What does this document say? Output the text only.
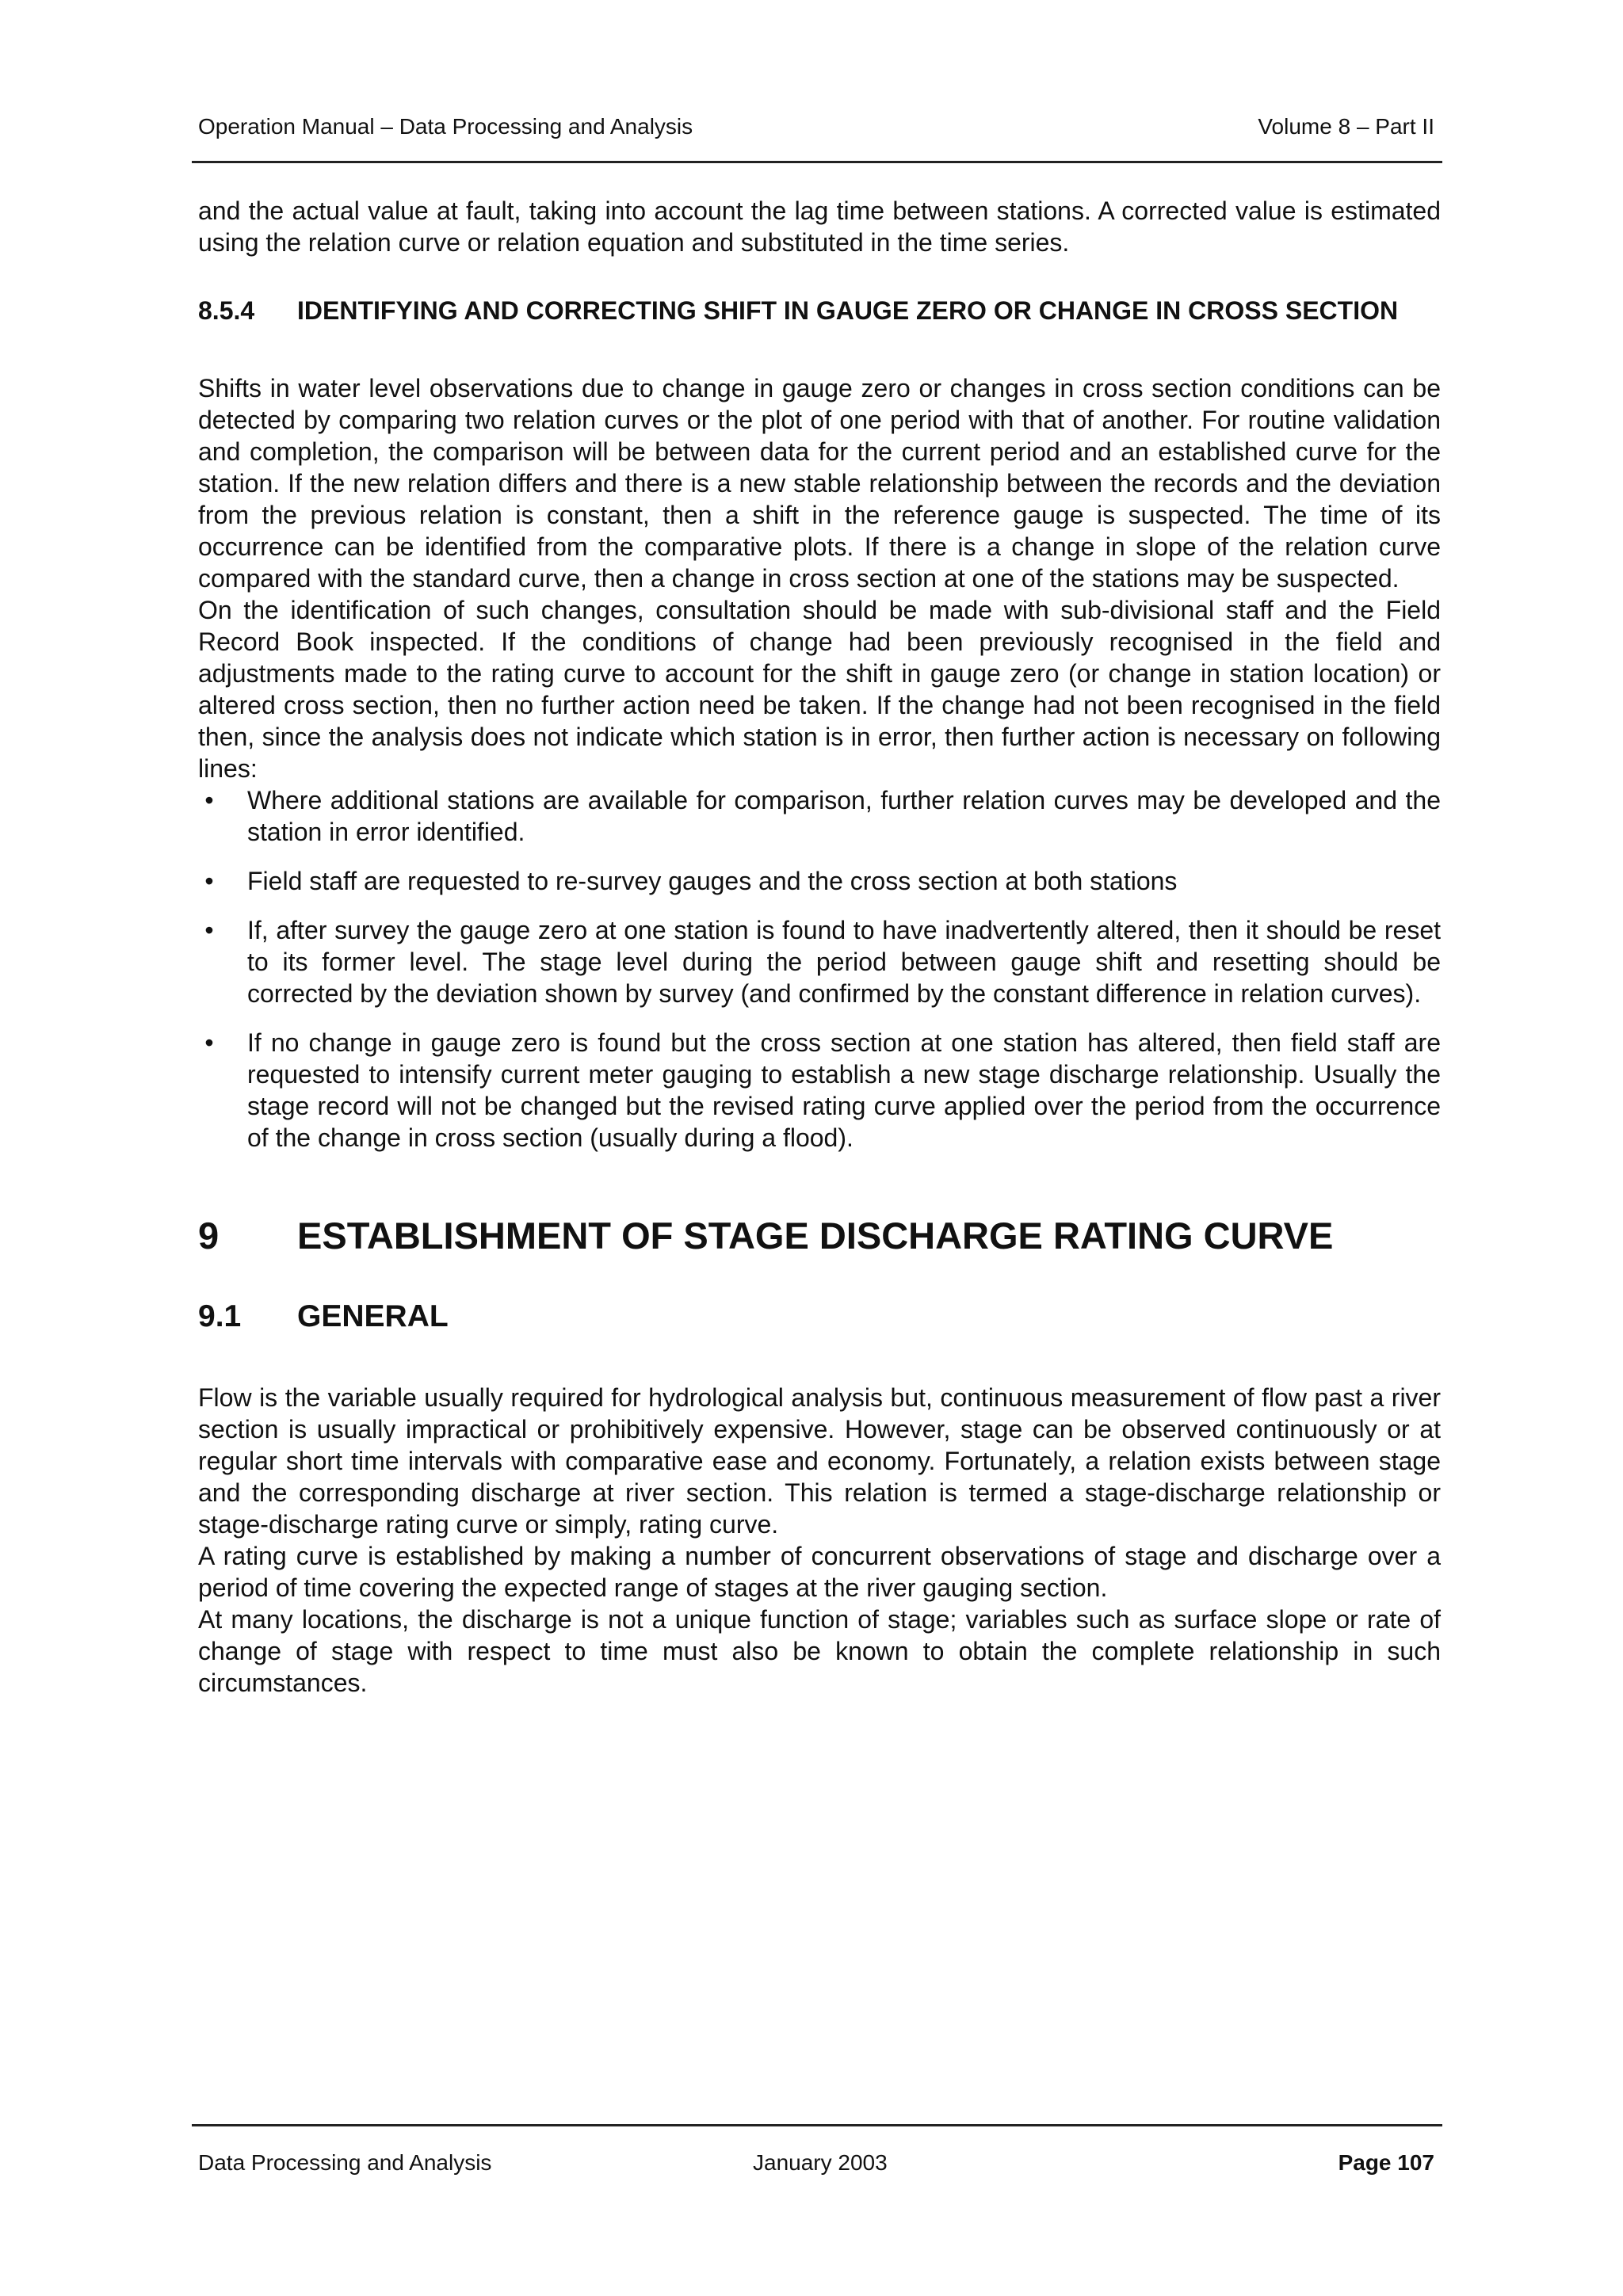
Operation Manual – Data Processing and Analysis	Volume 8 – Part II

and the actual value at fault, taking into account the lag time between stations. A corrected value is estimated using the relation curve or relation equation and substituted in the time series.

8.5.4	IDENTIFYING AND CORRECTING SHIFT IN GAUGE ZERO OR CHANGE IN CROSS SECTION

Shifts in water level observations due to change in gauge zero or changes in cross section conditions can be detected by comparing two relation curves or the plot of one period with that of another. For routine validation and completion, the comparison will be between data for the current period and an established curve for the station. If the new relation differs and there is a new stable relationship between the records and the deviation from the previous relation is constant, then a shift in the reference gauge is suspected. The time of its occurrence can be identified from the comparative plots. If there is a change in slope of the relation curve compared with the standard curve, then a change in cross section at one of the stations may be suspected.

On the identification of such changes, consultation should be made with sub-divisional staff and the Field Record Book inspected. If the conditions of change had been previously recognised in the field and adjustments made to the rating curve to account for the shift in gauge zero (or change in station location) or altered cross section, then no further action need be taken. If the change had not been recognised in the field then, since the analysis does not indicate which station is in error, then further action is necessary on following lines:

• Where additional stations are available for comparison, further relation curves may be developed and the station in error identified.
• Field staff are requested to re-survey gauges and the cross section at both stations
• If, after survey the gauge zero at one station is found to have inadvertently altered, then it should be reset to its former level. The stage level during the period between gauge shift and resetting should be corrected by the deviation shown by survey (and confirmed by the constant difference in relation curves).
• If no change in gauge zero is found but the cross section at one station has altered, then field staff are requested to intensify current meter gauging to establish a new stage discharge relationship. Usually the stage record will not be changed but the revised rating curve applied over the period from the occurrence of the change in cross section (usually during a flood).
9	ESTABLISHMENT OF STAGE DISCHARGE RATING CURVE
9.1	GENERAL

Flow is the variable usually required for hydrological analysis but, continuous measurement of flow past a river section is usually impractical or prohibitively expensive. However, stage can be observed continuously or at regular short time intervals with comparative ease and economy. Fortunately, a relation exists between stage and the corresponding discharge at river section. This relation is termed a stage-discharge relationship or stage-discharge rating curve or simply, rating curve.

A rating curve is established by making a number of concurrent observations of stage and discharge over a period of time covering the expected range of stages at the river gauging section.

At many locations, the discharge is not a unique function of stage; variables such as surface slope or rate of change of stage with respect to time must also be known to obtain the complete relationship in such circumstances.

Data Processing and Analysis	January 2003	Page 107
